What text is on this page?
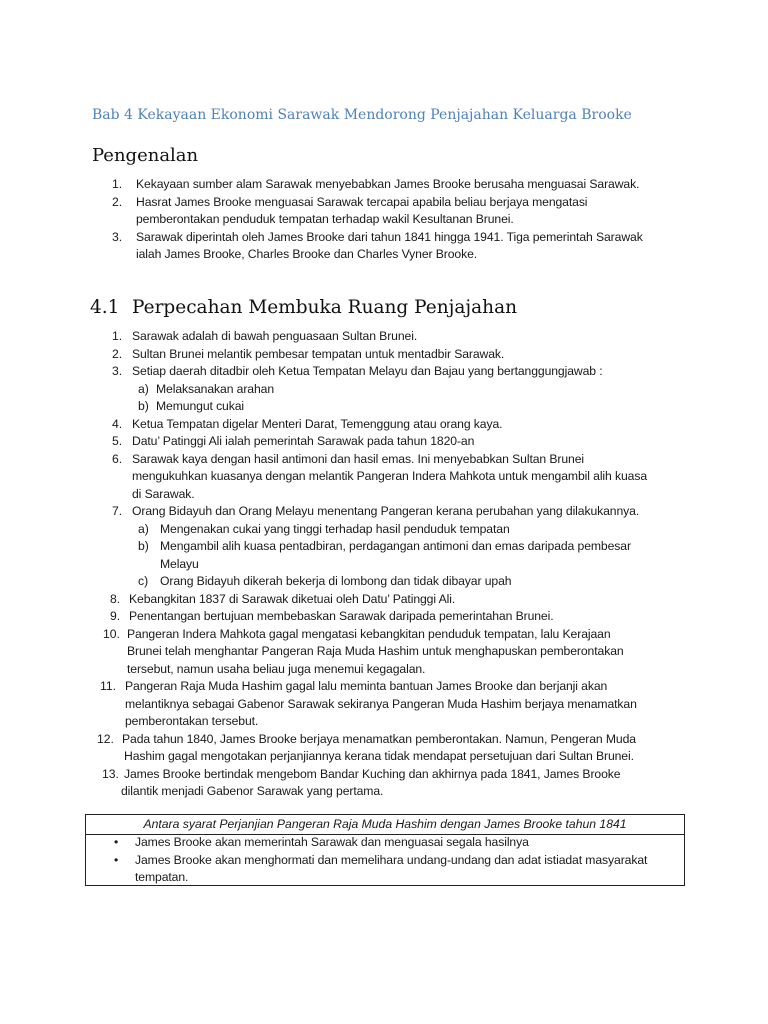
Bab 4 Kekayaan Ekonomi Sarawak Mendorong Penjajahan Keluarga Brooke
Pengenalan
1. Kekayaan sumber alam Sarawak menyebabkan James Brooke berusaha menguasai Sarawak.
2. Hasrat James Brooke menguasai Sarawak tercapai apabila beliau berjaya mengatasi
pemberontakan penduduk tempatan terhadap wakil Kesultanan Brunei.
3. Sarawak diperintah oleh James Brooke dari tahun 1841 hingga 1941. Tiga pemerintah Sarawak
ialah James Brooke, Charles Brooke dan Charles Vyner Brooke.
4.1 Perpecahan Membuka Ruang Penjajahan
1. Sarawak adalah di bawah penguasaan Sultan Brunei.
2. Sultan Brunei melantik pembesar tempatan untuk mentadbir Sarawak.
3. Setiap daerah ditadbir oleh Ketua Tempatan Melayu dan Bajau yang bertanggungjawab :
a) Melaksanakan arahan
b) Memungut cukai
4. Ketua Tempatan digelar Menteri Darat, Temenggung atau orang kaya.
5. Datu’ Patinggi Ali ialah pemerintah Sarawak pada tahun 1820-an
6. Sarawak kaya dengan hasil antimoni dan hasil emas. Ini menyebabkan Sultan Brunei
mengukuhkan kuasanya dengan melantik Pangeran Indera Mahkota untuk mengambil alih kuasa
di Sarawak.
7. Orang Bidayuh dan Orang Melayu menentang Pangeran kerana perubahan yang dilakukannya.
a) Mengenakan cukai yang tinggi terhadap hasil penduduk tempatan
b) Mengambil alih kuasa pentadbiran, perdagangan antimoni dan emas daripada pembesar
Melayu
c) Orang Bidayuh dikerah bekerja di lombong dan tidak dibayar upah
8. Kebangkitan 1837 di Sarawak diketuai oleh Datu’ Patinggi Ali.
9. Penentangan bertujuan membebaskan Sarawak daripada pemerintahan Brunei.
10. Pangeran Indera Mahkota gagal mengatasi kebangkitan penduduk tempatan, lalu Kerajaan
Brunei telah menghantar Pangeran Raja Muda Hashim untuk menghapuskan pemberontakan
tersebut, namun usaha beliau juga menemui kegagalan.
11. Pangeran Raja Muda Hashim gagal lalu meminta bantuan James Brooke dan berjanji akan
melantiknya sebagai Gabenor Sarawak sekiranya Pangeran Muda Hashim berjaya menamatkan
pemberontakan tersebut.
12. Pada tahun 1840, James Brooke berjaya menamatkan pemberontakan. Namun, Pengeran Muda
Hashim gagal mengotakan perjanjiannya kerana tidak mendapat persetujuan dari Sultan Brunei.
13. James Brooke bertindak mengebom Bandar Kuching dan akhirnya pada 1841, James Brooke
dilantik menjadi Gabenor Sarawak yang pertama.
Antara syarat Perjanjian Pangeran Raja Muda Hashim dengan James Brooke tahun 1841
• James Brooke akan memerintah Sarawak dan menguasai segala hasilnya
• James Brooke akan menghormati dan memelihara undang-undang dan adat istiadat masyarakat
tempatan.
